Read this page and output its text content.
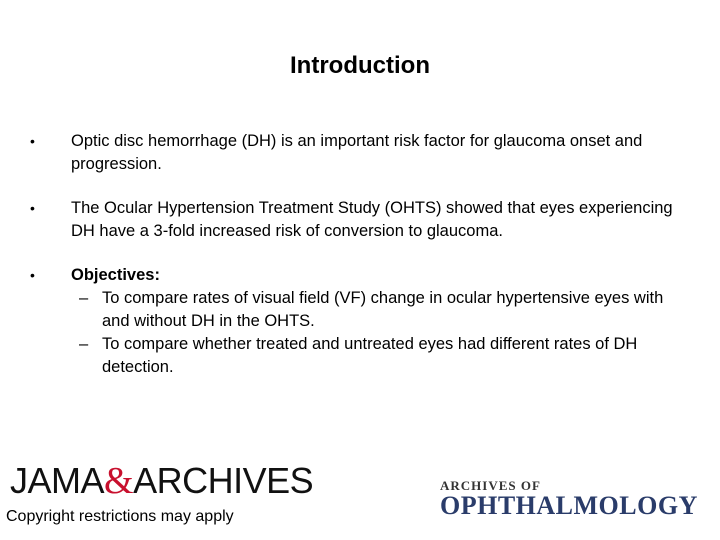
Introduction
•	Optic disc hemorrhage (DH) is an important risk factor for glaucoma onset and progression.
•	The Ocular Hypertension Treatment Study (OHTS) showed that eyes experiencing DH have a 3-fold increased risk of conversion to glaucoma.
•	Objectives:
– To compare rates of visual field (VF) change in ocular hypertensive eyes with and without DH in the OHTS.
– To compare whether treated and untreated eyes had different rates of DH detection.
JAMA&ARCHIVES
Copyright restrictions may apply
ARCHIVES OF
OPHTHALMOLOGY
